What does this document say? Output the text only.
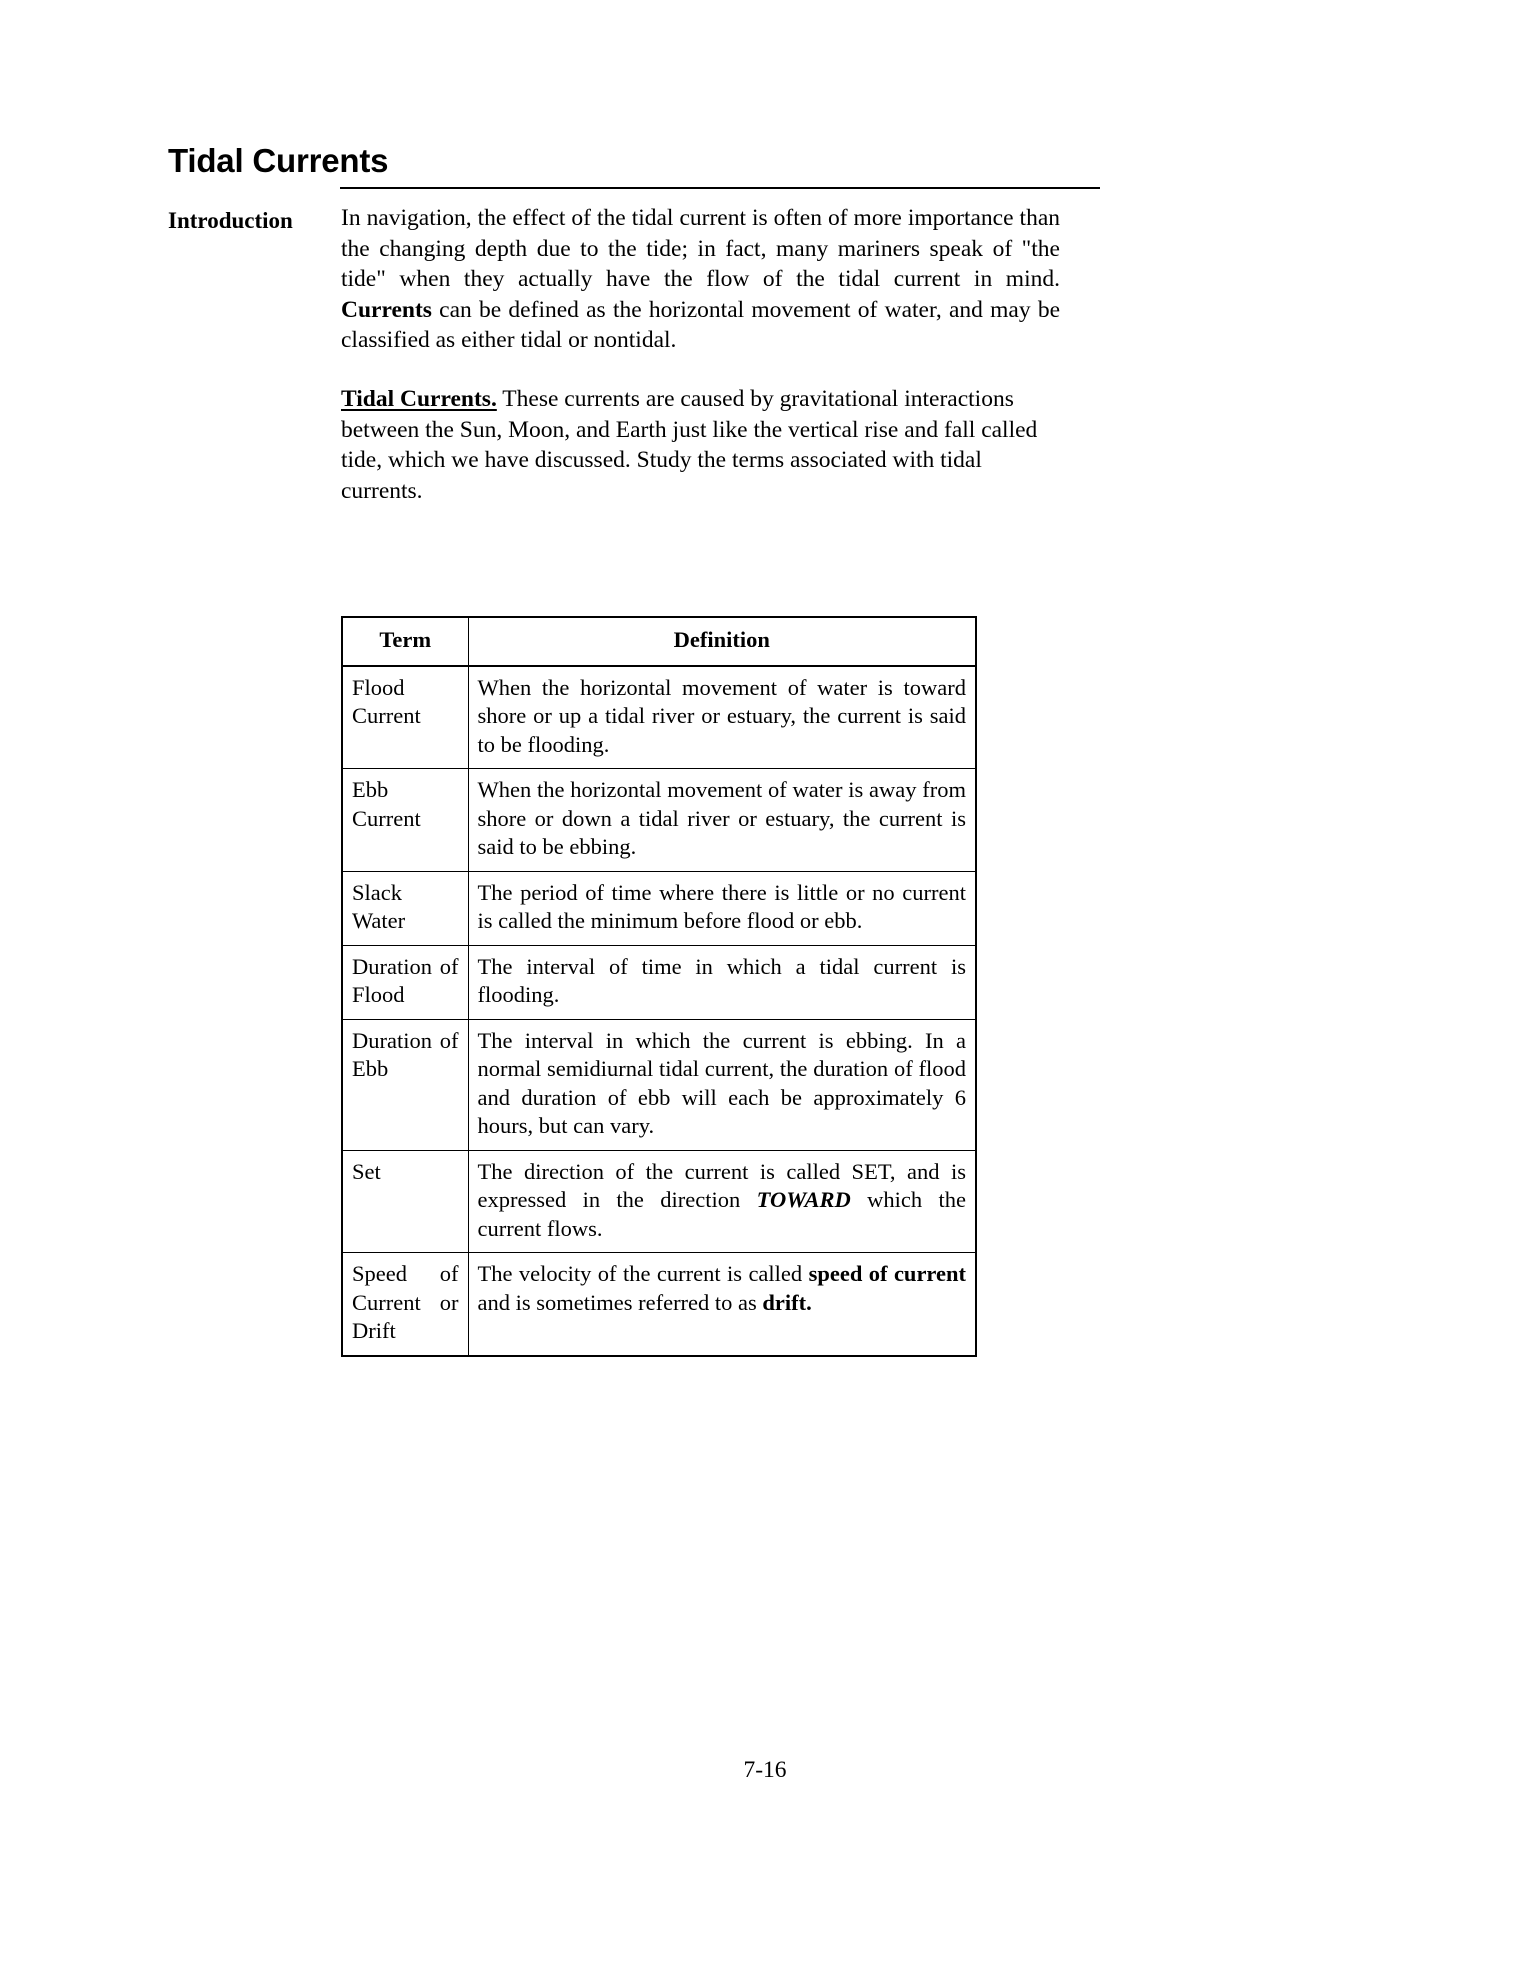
Tidal Currents
Introduction	In navigation, the effect of the tidal current is often of more importance than the changing depth due to the tide; in fact, many mariners speak of "the tide" when they actually have the flow of the tidal current in mind. Currents can be defined as the horizontal movement of water, and may be classified as either tidal or nontidal.

Tidal Currents. These currents are caused by gravitational interactions between the Sun, Moon, and Earth just like the vertical rise and fall called tide, which we have discussed. Study the terms associated with tidal currents.

Term	Definition
Flood Current	When the horizontal movement of water is toward shore or up a tidal river or estuary, the current is said to be flooding.
Ebb Current	When the horizontal movement of water is away from shore or down a tidal river or estuary, the current is said to be ebbing.
Slack Water	The period of time where there is little or no current is called the minimum before flood or ebb.
Duration of Flood	The interval of time in which a tidal current is flooding.
Duration of Ebb	The interval in which the current is ebbing. In a normal semidiurnal tidal current, the duration of flood and duration of ebb will each be approximately 6 hours, but can vary.
Set	The direction of the current is called SET, and is expressed in the direction TOWARD which the current flows.
Speed of Current or Drift	The velocity of the current is called speed of current and is sometimes referred to as drift.
7-16
